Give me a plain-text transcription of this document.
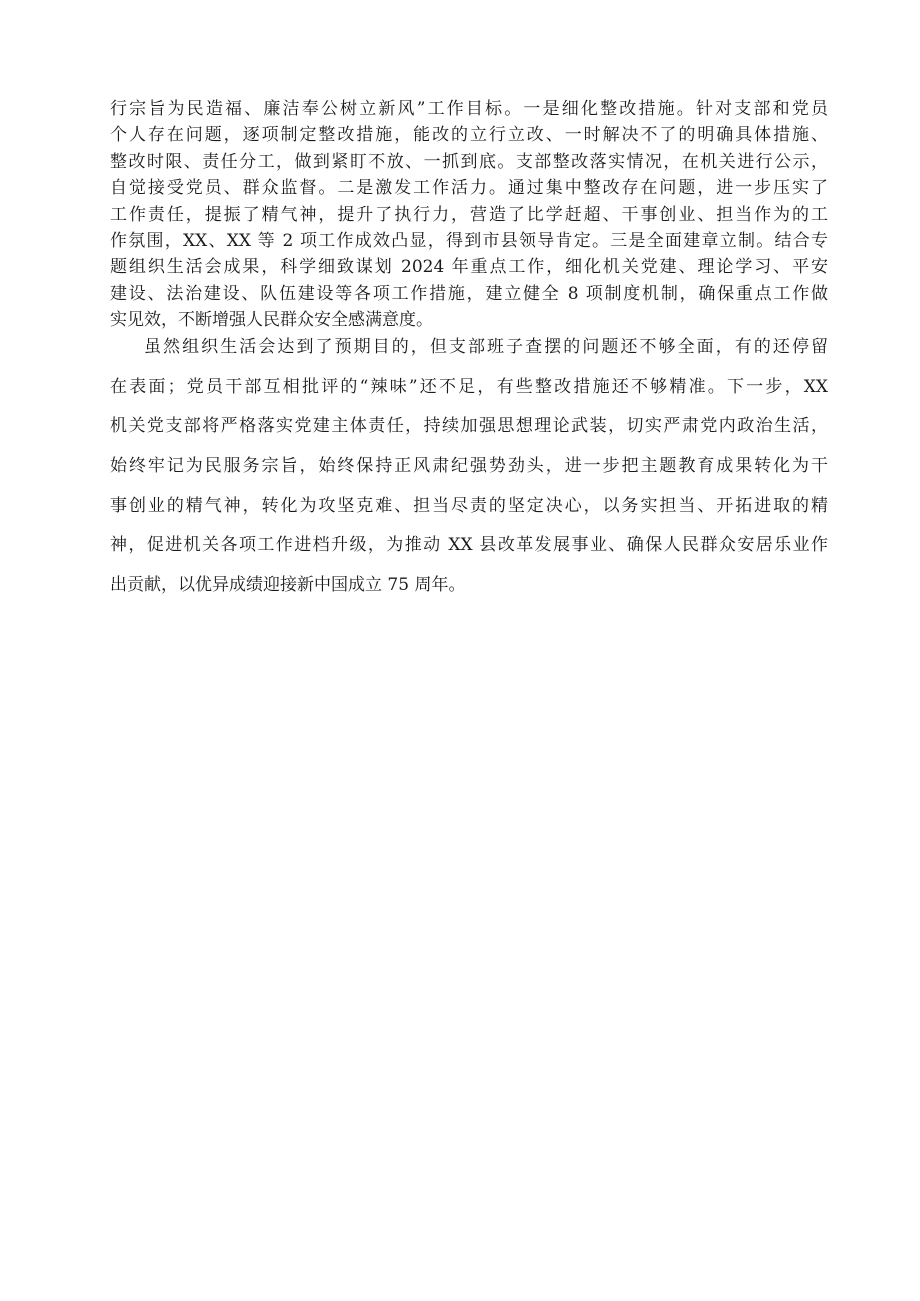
行宗旨为民造福、廉洁奉公树立新风”工作目标。一是细化整改措施。针对支部和党员
个人存在问题，逐项制定整改措施，能改的立行立改、一时解决不了的明确具体措施、
整改时限、责任分工，做到紧盯不放、一抓到底。支部整改落实情况，在机关进行公示，
自觉接受党员、群众监督。二是激发工作活力。通过集中整改存在问题，进一步压实了
工作责任，提振了精气神，提升了执行力，营造了比学赶超、干事创业、担当作为的工
作氛围，XX、XX 等 2 项工作成效凸显，得到市县领导肯定。三是全面建章立制。结合专
题组织生活会成果，科学细致谋划 2024 年重点工作，细化机关党建、理论学习、平安
建设、法治建设、队伍建设等各项工作措施，建立健全 8 项制度机制，确保重点工作做
实见效，不断增强人民群众安全感满意度。
虽然组织生活会达到了预期目的，但支部班子查摆的问题还不够全面，有的还停留
在表面；党员干部互相批评的“辣味”还不足，有些整改措施还不够精准。下一步，XX
机关党支部将严格落实党建主体责任，持续加强思想理论武装，切实严肃党内政治生活，
始终牢记为民服务宗旨，始终保持正风肃纪强势劲头，进一步把主题教育成果转化为干
事创业的精气神，转化为攻坚克难、担当尽责的坚定决心，以务实担当、开拓进取的精
神，促进机关各项工作进档升级，为推动 XX 县改革发展事业、确保人民群众安居乐业作
出贡献，以优异成绩迎接新中国成立 75 周年。
